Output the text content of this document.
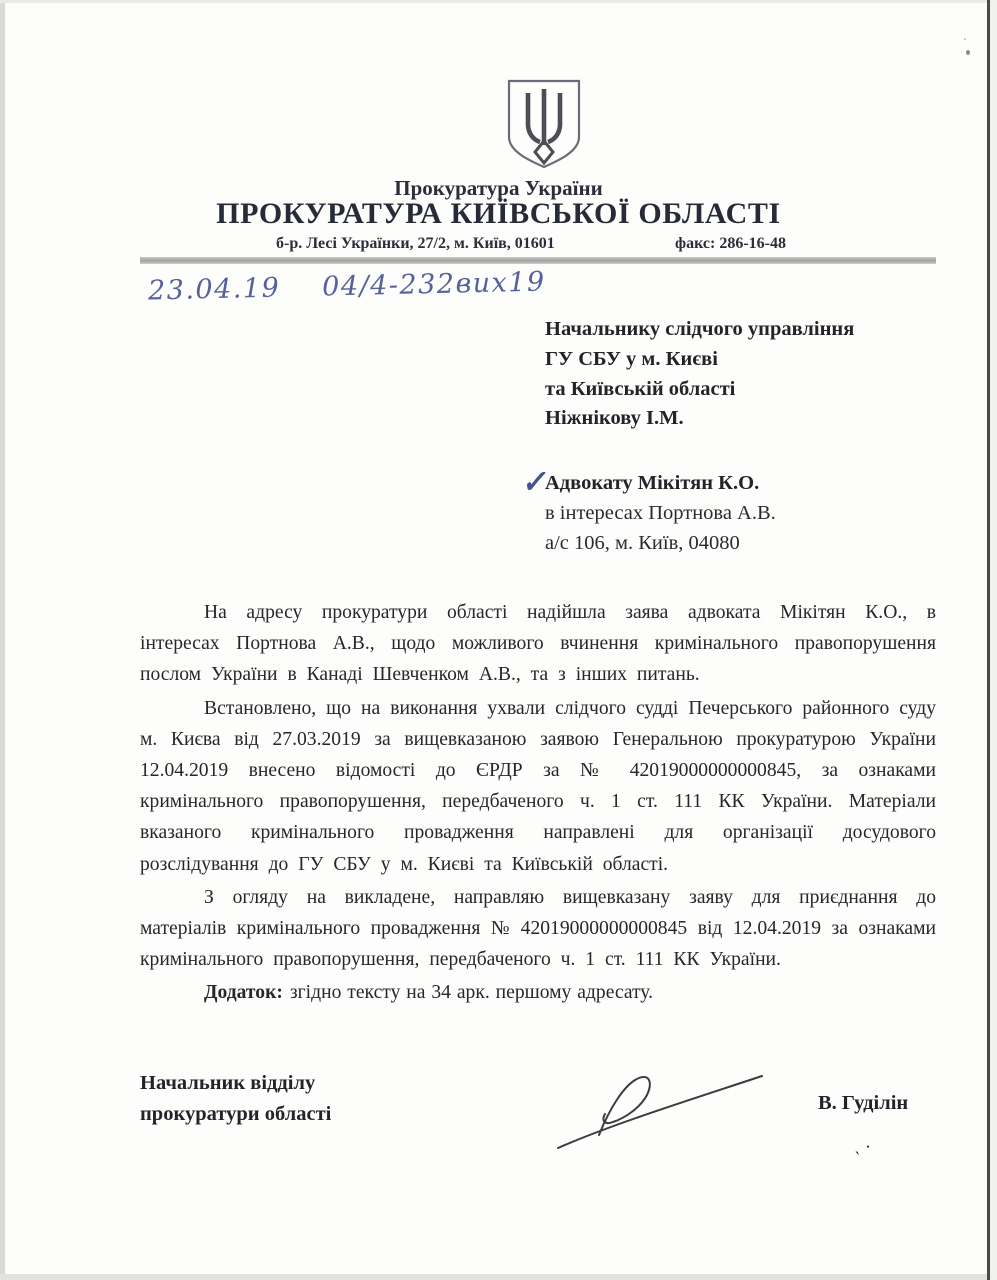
Прокуратура України
ПРОКУРАТУРА КИЇВСЬКОЇ ОБЛАСТІ
б-р. Лесі Українки, 27/2, м. Київ, 01601	факс: 286-16-48
23.04.19 04/4-232вих19
Начальнику слідчого управління
ГУ СБУ у м. Києві
та Київській області
Ніжнікову І.М.
✓
Адвокату Мікітян К.О.
в інтересах Портнова А.В.
а/с 106, м. Київ, 04080

На адресу прокуратури області надійшла заява адвоката Мікітян К.О., в інтересах Портнова А.В., щодо можливого вчинення кримінального правопорушення послом України в Канаді Шевченком А.В., та з інших питань.

Встановлено, що на виконання ухвали слідчого судді Печерського районного суду м. Києва від 27.03.2019 за вищевказаною заявою Генеральною прокуратурою України 12.04.2019 внесено відомості до ЄРДР за № 42019000000000845, за ознаками кримінального правопорушення, передбаченого ч. 1 ст. 111 КК України. Матеріали вказаного кримінального провадження направлені для організації досудового розслідування до ГУ СБУ у м. Києві та Київській області.

З огляду на викладене, направляю вищевказану заяву для приєднання до матеріалів кримінального провадження № 42019000000000845 від 12.04.2019 за ознаками кримінального правопорушення, передбаченого ч. 1 ст. 111 КК України.

Додаток: згідно тексту на 34 арк. першому адресату.

Начальник відділу
прокуратури області	В. Гуділін
ˏ·
